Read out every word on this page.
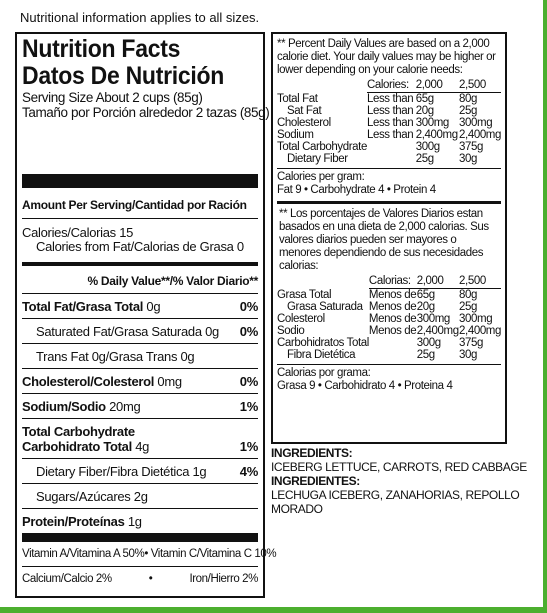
Nutritional information applies to all sizes.
Nutrition Facts
Datos De Nutrición
Serving Size About 2 cups (85g)
Tamaño por Porción alrededor 2 tazas (85g)
Amount Per Serving/Cantidad por Ración
Calories/Calorias 15
Calories from Fat/Calorias de Grasa 0
% Daily Value**/% Valor Diario**
Total Fat/Grasa Total 0g	0%
Saturated Fat/Grasa Saturada 0g 0%
Trans Fat 0g/Grasa Trans 0g
Cholesterol/Colesterol 0mg	0%
Sodium/Sodio 20mg	1%
Total Carbohydrate
Carbohidrato Total 4g	1%
Dietary Fiber/Fibra Dietética 1g	4%
Sugars/Azúcares 2g
Protein/Proteínas 1g
Vitamin A/Vitamina A 50% • Vitamin C/Vitamina C 10%
Calcium/Calcio 2%	•	Iron/Hierro 2%
** Percent Daily Values are based on a 2,000 calorie diet. Your daily values may be higher or lower depending on your calorie needs:
	Calories:	2,000	2,500
Total Fat	Less than	65g	80g
Sat Fat	Less than	20g	25g
Cholesterol	Less than	300mg	300mg
Sodium	Less than	2,400mg	2,400mg
Total Carbohydrate		300g	375g
Dietary Fiber		25g	30g
Calories per gram:
Fat 9 • Carbohydrate 4 • Protein 4
** Los porcentajes de Valores Diarios estan basados en una dieta de 2,000 calorias. Sus valores diarios pueden ser mayores o menores dependiendo de sus necesidades calorias:
	Calorias:	2,000	2,500
Grasa Total	Menos de	65g	80g
Grasa Saturada	Menos de	20g	25g
Colesterol	Menos de	300mg	300mg
Sodio	Menos de	2,400mg	2,400mg
Carbohidratos Total		300g	375g
Fibra Dietética		25g	30g
Calorias por grama:
Grasa 9 • Carbohidrato 4 • Proteina 4
INGREDIENTS:
ICEBERG LETTUCE, CARROTS, RED CABBAGE
INGREDIENTES:
LECHUGA ICEBERG, ZANAHORIAS, REPOLLO MORADO
